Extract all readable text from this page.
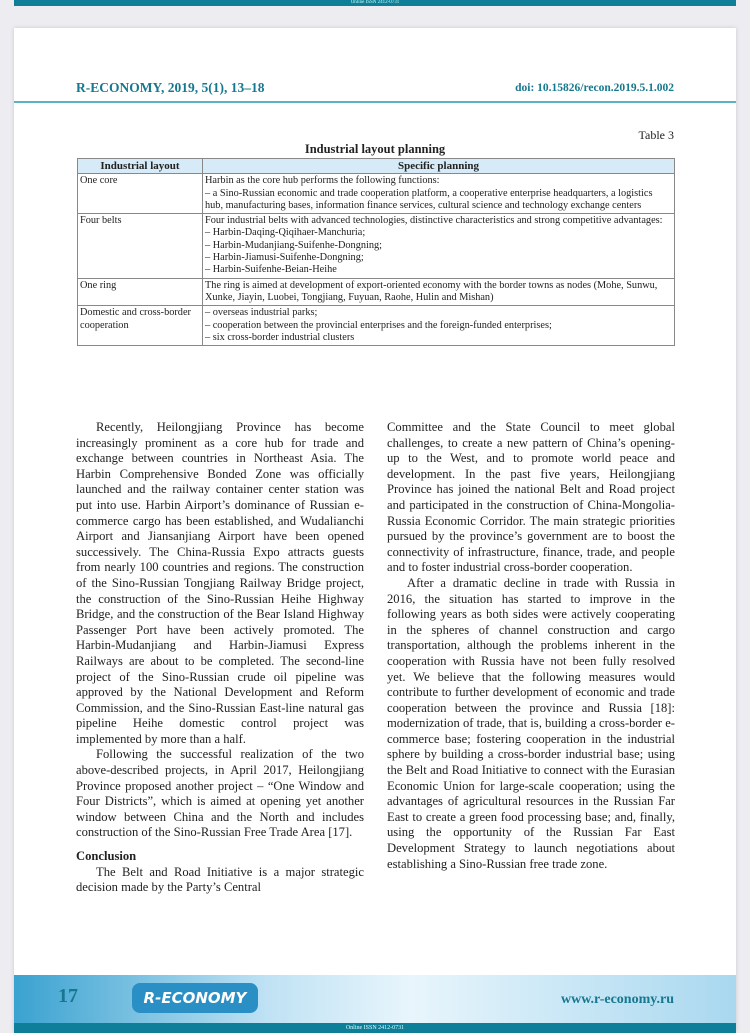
Online ISSN 2412-0731
R-ECONOMY, 2019, 5(1), 13–18	doi: 10.15826/recon.2019.5.1.002
Table 3
Industrial layout planning
Industrial layout	Specific planning
One core	Harbin as the core hub performs the following functions:
– a Sino-Russian economic and trade cooperation platform, a cooperative enterprise headquarters, a logistics hub, manufacturing bases, information finance services, cultural science and technology exchange centers

Four belts	Four industrial belts with advanced technologies, distinctive characteristics and strong competitive advantages:
– Harbin-Daqing-Qiqihaer-Manchuria;
– Harbin-Mudanjiang-Suifenhe-Dongning;
– Harbin-Jiamusi-Suifenhe-Dongning;
– Harbin-Suifenhe-Beian-Heihe

One ring	The ring is aimed at development of export-oriented economy with the border towns as nodes (Mohe, Sunwu, Xunke, Jiayin, Luobei, Tongjiang, Fuyuan, Raohe, Hulin and Mishan)

Domestic and cross-border cooperation	– overseas industrial parks;
– cooperation between the provincial enterprises and the foreign-funded enterprises;
– six cross-border industrial clusters

Recently, Heilongjiang Province has become increasingly prominent as a core hub for trade and exchange between countries in Northeast Asia. The Harbin Comprehensive Bonded Zone was officially launched and the railway container center station was put into use. Harbin Airport’s dominance of Russian e-commerce cargo has been established, and Wudalianchi Airport and Jiansanjiang Airport have been opened successively. The China-Russia Expo attracts guests from nearly 100 countries and regions. The construction of the Sino-Russian Tongjiang Railway Bridge project, the construction of the Sino-Russian Heihe Highway Bridge, and the construction of the Bear Island Highway Passenger Port have been actively promoted. The Harbin-Mudanjiang and Harbin-Jiamusi Express Railways are about to be completed. The second-line project of the Sino-Russian crude oil pipeline was approved by the National Development and Reform Commission, and the Sino-Russian East-line natural gas pipeline Heihe domestic control project was implemented by more than a half.

Following the successful realization of the two above-described projects, in April 2017, Heilongjiang Province proposed another project – “One Window and Four Districts”, which is aimed at opening yet another window between China and the North and includes construction of the Sino-Russian Free Trade Area [17].

Conclusion

The Belt and Road Initiative is a major strategic decision made by the Party’s Central

Committee and the State Council to meet global challenges, to create a new pattern of China’s opening-up to the West, and to promote world peace and development. In the past five years, Heilongjiang Province has joined the national Belt and Road project and participated in the construction of China-Mongolia-Russia Economic Corridor. The main strategic priorities pursued by the province’s government are to boost the connectivity of infrastructure, finance, trade, and people and to foster industrial cross-border cooperation.

After a dramatic decline in trade with Russia in 2016, the situation has started to improve in the following years as both sides were actively cooperating in the spheres of channel construction and cargo transportation, although the problems inherent in the cooperation with Russia have not been fully resolved yet. We believe that the following measures would contribute to further development of economic and trade cooperation between the province and Russia [18]: modernization of trade, that is, building a cross-border e-commerce base; fostering cooperation in the industrial sphere by building a cross-border industrial base; using the Belt and Road Initiative to connect with the Eurasian Economic Union for large-scale cooperation; using the advantages of agricultural resources in the Russian Far East to create a green food processing base; and, finally, using the opportunity of the Russian Far East Development Strategy to launch negotiations about establishing a Sino-Russian free trade zone.

17	R-ECONOMY	www.r-economy.ru
Online ISSN 2412-0731
